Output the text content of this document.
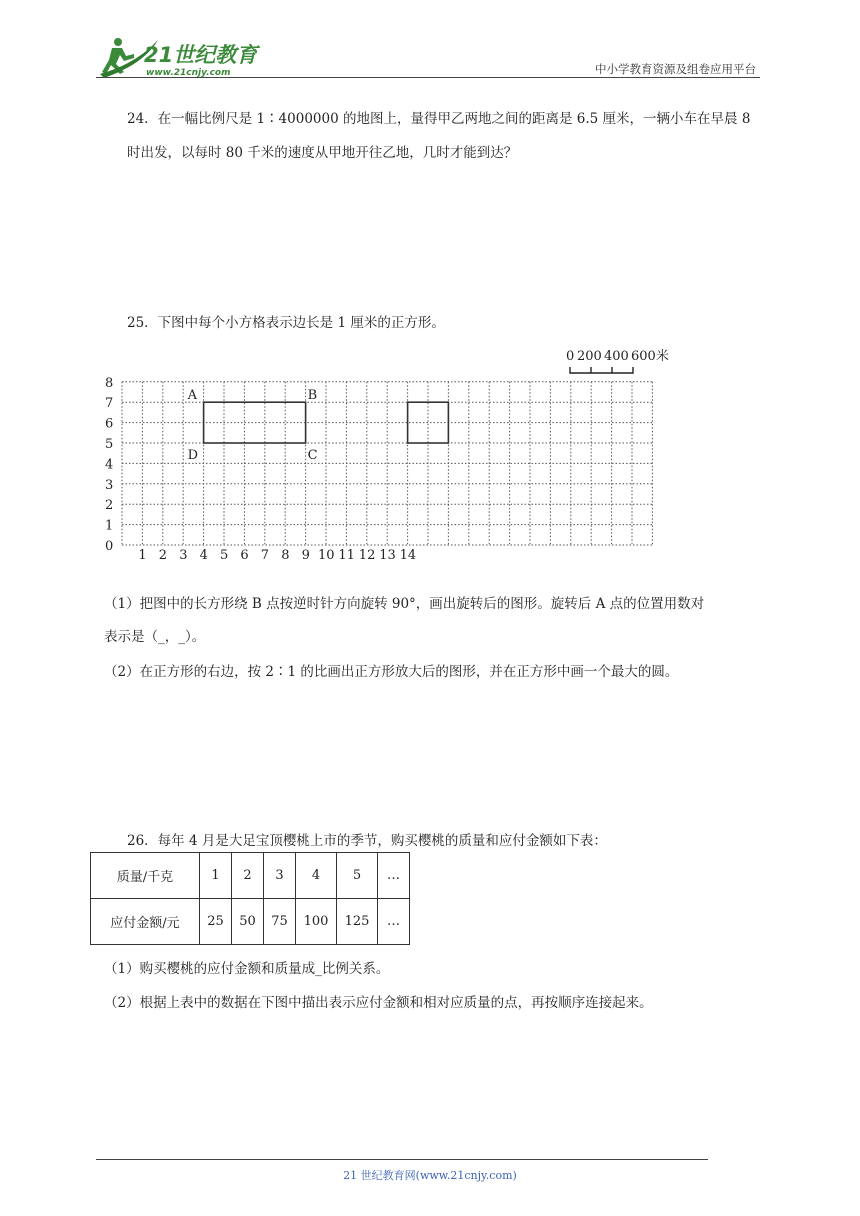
21世纪教育
www.21cnjy.com	中小学教育资源及组卷应用平台
24．在一幅比例尺是 1∶4000000 的地图上，量得甲乙两地之间的距离是 6.5 厘米，一辆小车在早晨 8
时出发，以每时 80 千米的速度从甲地开往乙地，几时才能到达？
25．下图中每个小方格表示边长是 1 厘米的正方形。
0 200 400 600米
0
1
2
3
4
5
6
7
8
1 2 3 4 5 6 7 8 9 10 11 12 13 14
A	B
C
D
（1）把图中的长方形绕 B 点按逆时针方向旋转 90°，画出旋转后的图形。旋转后 A 点的位置用数对
表示是（_，_）。
（2）在正方形的右边，按 2∶1 的比画出正方形放大后的图形，并在正方形中画一个最大的圆。
26．每年 4 月是大足宝顶樱桃上市的季节，购买樱桃的质量和应付金额如下表：
质量/千克	1	2	3	4	5	…
应付金额/元	25	50	75	100	125	…
（1）购买樱桃的应付金额和质量成_比例关系。
（2）根据上表中的数据在下图中描出表示应付金额和相对应质量的点，再按顺序连接起来。
21 世纪教育网(www.21cnjy.com)
